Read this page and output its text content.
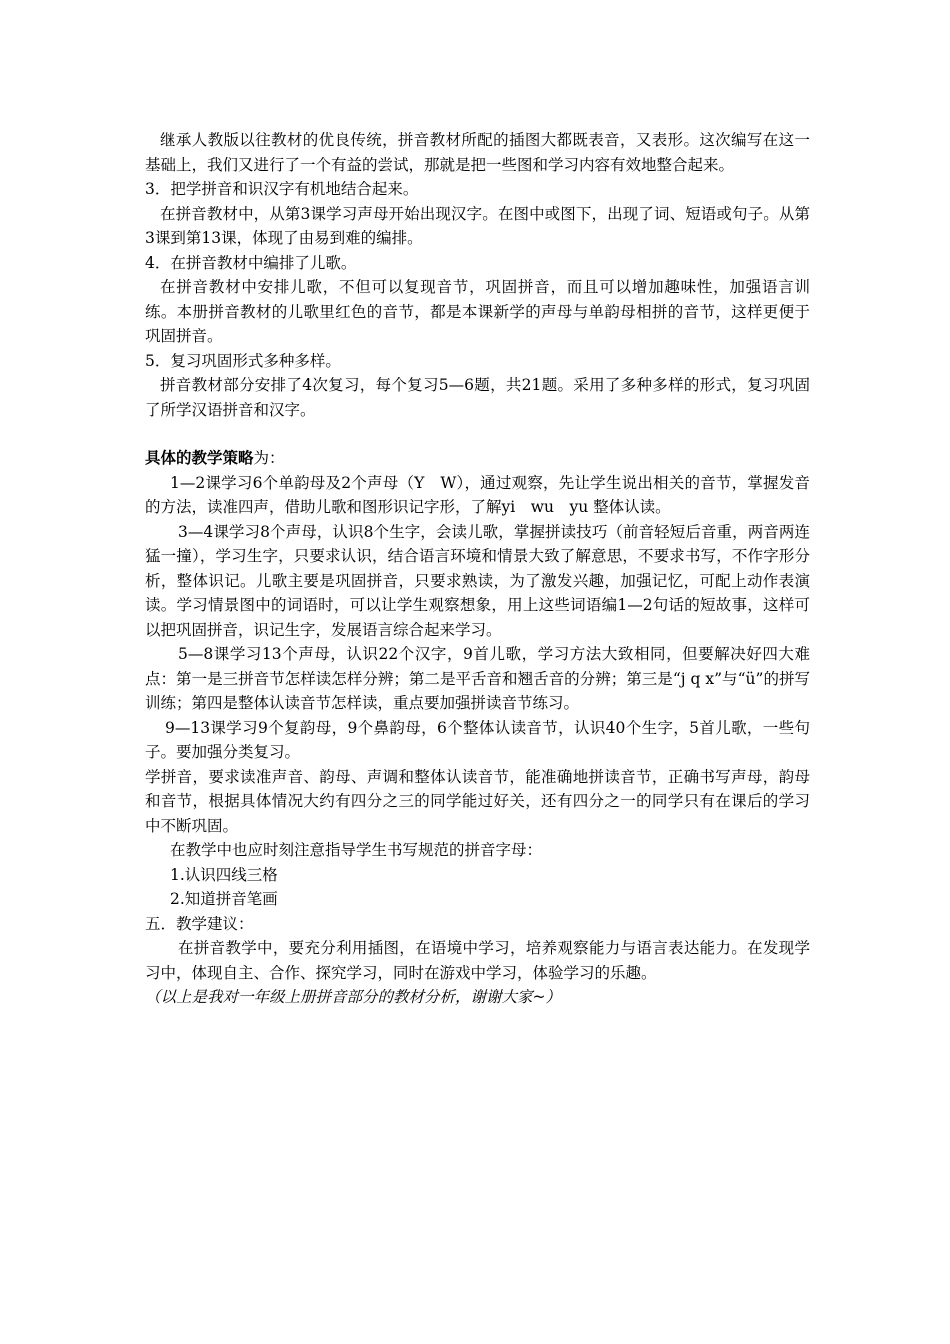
继承人教版以往教材的优良传统，拼音教材所配的插图大都既表音，又表形。这次编写在这一基础上，我们又进行了一个有益的尝试，那就是把一些图和学习内容有效地整合起来。

3．把学拼音和识汉字有机地结合起来。

在拼音教材中，从第3课学习声母开始出现汉字。在图中或图下，出现了词、短语或句子。从第3课到第13课，体现了由易到难的编排。

4．在拼音教材中编排了儿歌。

在拼音教材中安排儿歌，不但可以复现音节，巩固拼音，而且可以增加趣味性，加强语言训练。本册拼音教材的儿歌里红色的音节，都是本课新学的声母与单韵母相拼的音节，这样更便于巩固拼音。

5．复习巩固形式多种多样。

拼音教材部分安排了4次复习，每个复习5—6题，共21题。采用了多种多样的形式，复习巩固了所学汉语拼音和汉字。

具体的教学策略为：

1—2课学习6个单韵母及2个声母（Y　W），通过观察，先让学生说出相关的音节，掌握发音的方法，读准四声，借助儿歌和图形识记字形，了解yi　wu　yu 整体认读。

3—4课学习8个声母，认识8个生字，会读儿歌，掌握拼读技巧（前音轻短后音重，两音两连猛一撞），学习生字，只要求认识，结合语言环境和情景大致了解意思，不要求书写，不作字形分析，整体识记。儿歌主要是巩固拼音，只要求熟读，为了激发兴趣，加强记忆，可配上动作表演读。学习情景图中的词语时，可以让学生观察想象，用上这些词语编1—2句话的短故事，这样可以把巩固拼音，识记生字，发展语言综合起来学习。

5—8课学习13个声母，认识22个汉字，9首儿歌，学习方法大致相同，但要解决好四大难点：第一是三拼音节怎样读怎样分辨；第二是平舌音和翘舌音的分辨；第三是“j q x”与“ü”的拼写训练；第四是整体认读音节怎样读，重点要加强拼读音节练习。

9—13课学习9个复韵母，9个鼻韵母，6个整体认读音节，认识40个生字，5首儿歌，一些句子。要加强分类复习。

学拼音，要求读准声音、韵母、声调和整体认读音节，能准确地拼读音节，正确书写声母，韵母和音节，根据具体情况大约有四分之三的同学能过好关，还有四分之一的同学只有在课后的学习中不断巩固。

在教学中也应时刻注意指导学生书写规范的拼音字母：

1.认识四线三格

2.知道拼音笔画

五．教学建议：

在拼音教学中，要充分利用插图，在语境中学习，培养观察能力与语言表达能力。在发现学习中，体现自主、合作、探究学习，同时在游戏中学习，体验学习的乐趣。

（以上是我对一年级上册拼音部分的教材分析，谢谢大家~）
